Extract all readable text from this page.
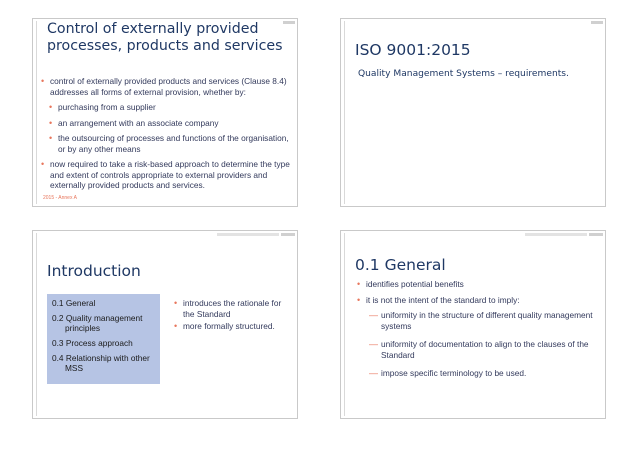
Control of externally provided
processes, products and services
• control of externally provided products and services (Clause 8.4) addresses all forms of external provision, whether by:
• purchasing from a supplier
• an arrangement with an associate company
• the outsourcing of processes and functions of the organisation, or by any other means
• now required to take a risk-based approach to determine the type and extent of controls appropriate to external providers and externally provided products and services.
2015 - Annex A
ISO 9001:2015
Quality Management Systems – requirements.
Introduction
0.1 General
0.2 Quality management
principles
0.3 Process approach
0.4 Relationship with other
MSS
• introduces the rationale for the Standard
• more formally structured.
0.1 General
• identifies potential benefits
• it is not the intent of the standard to imply:
— uniformity in the structure of different quality management systems
— uniformity of documentation to align to the clauses of the Standard
— impose specific terminology to be used.
